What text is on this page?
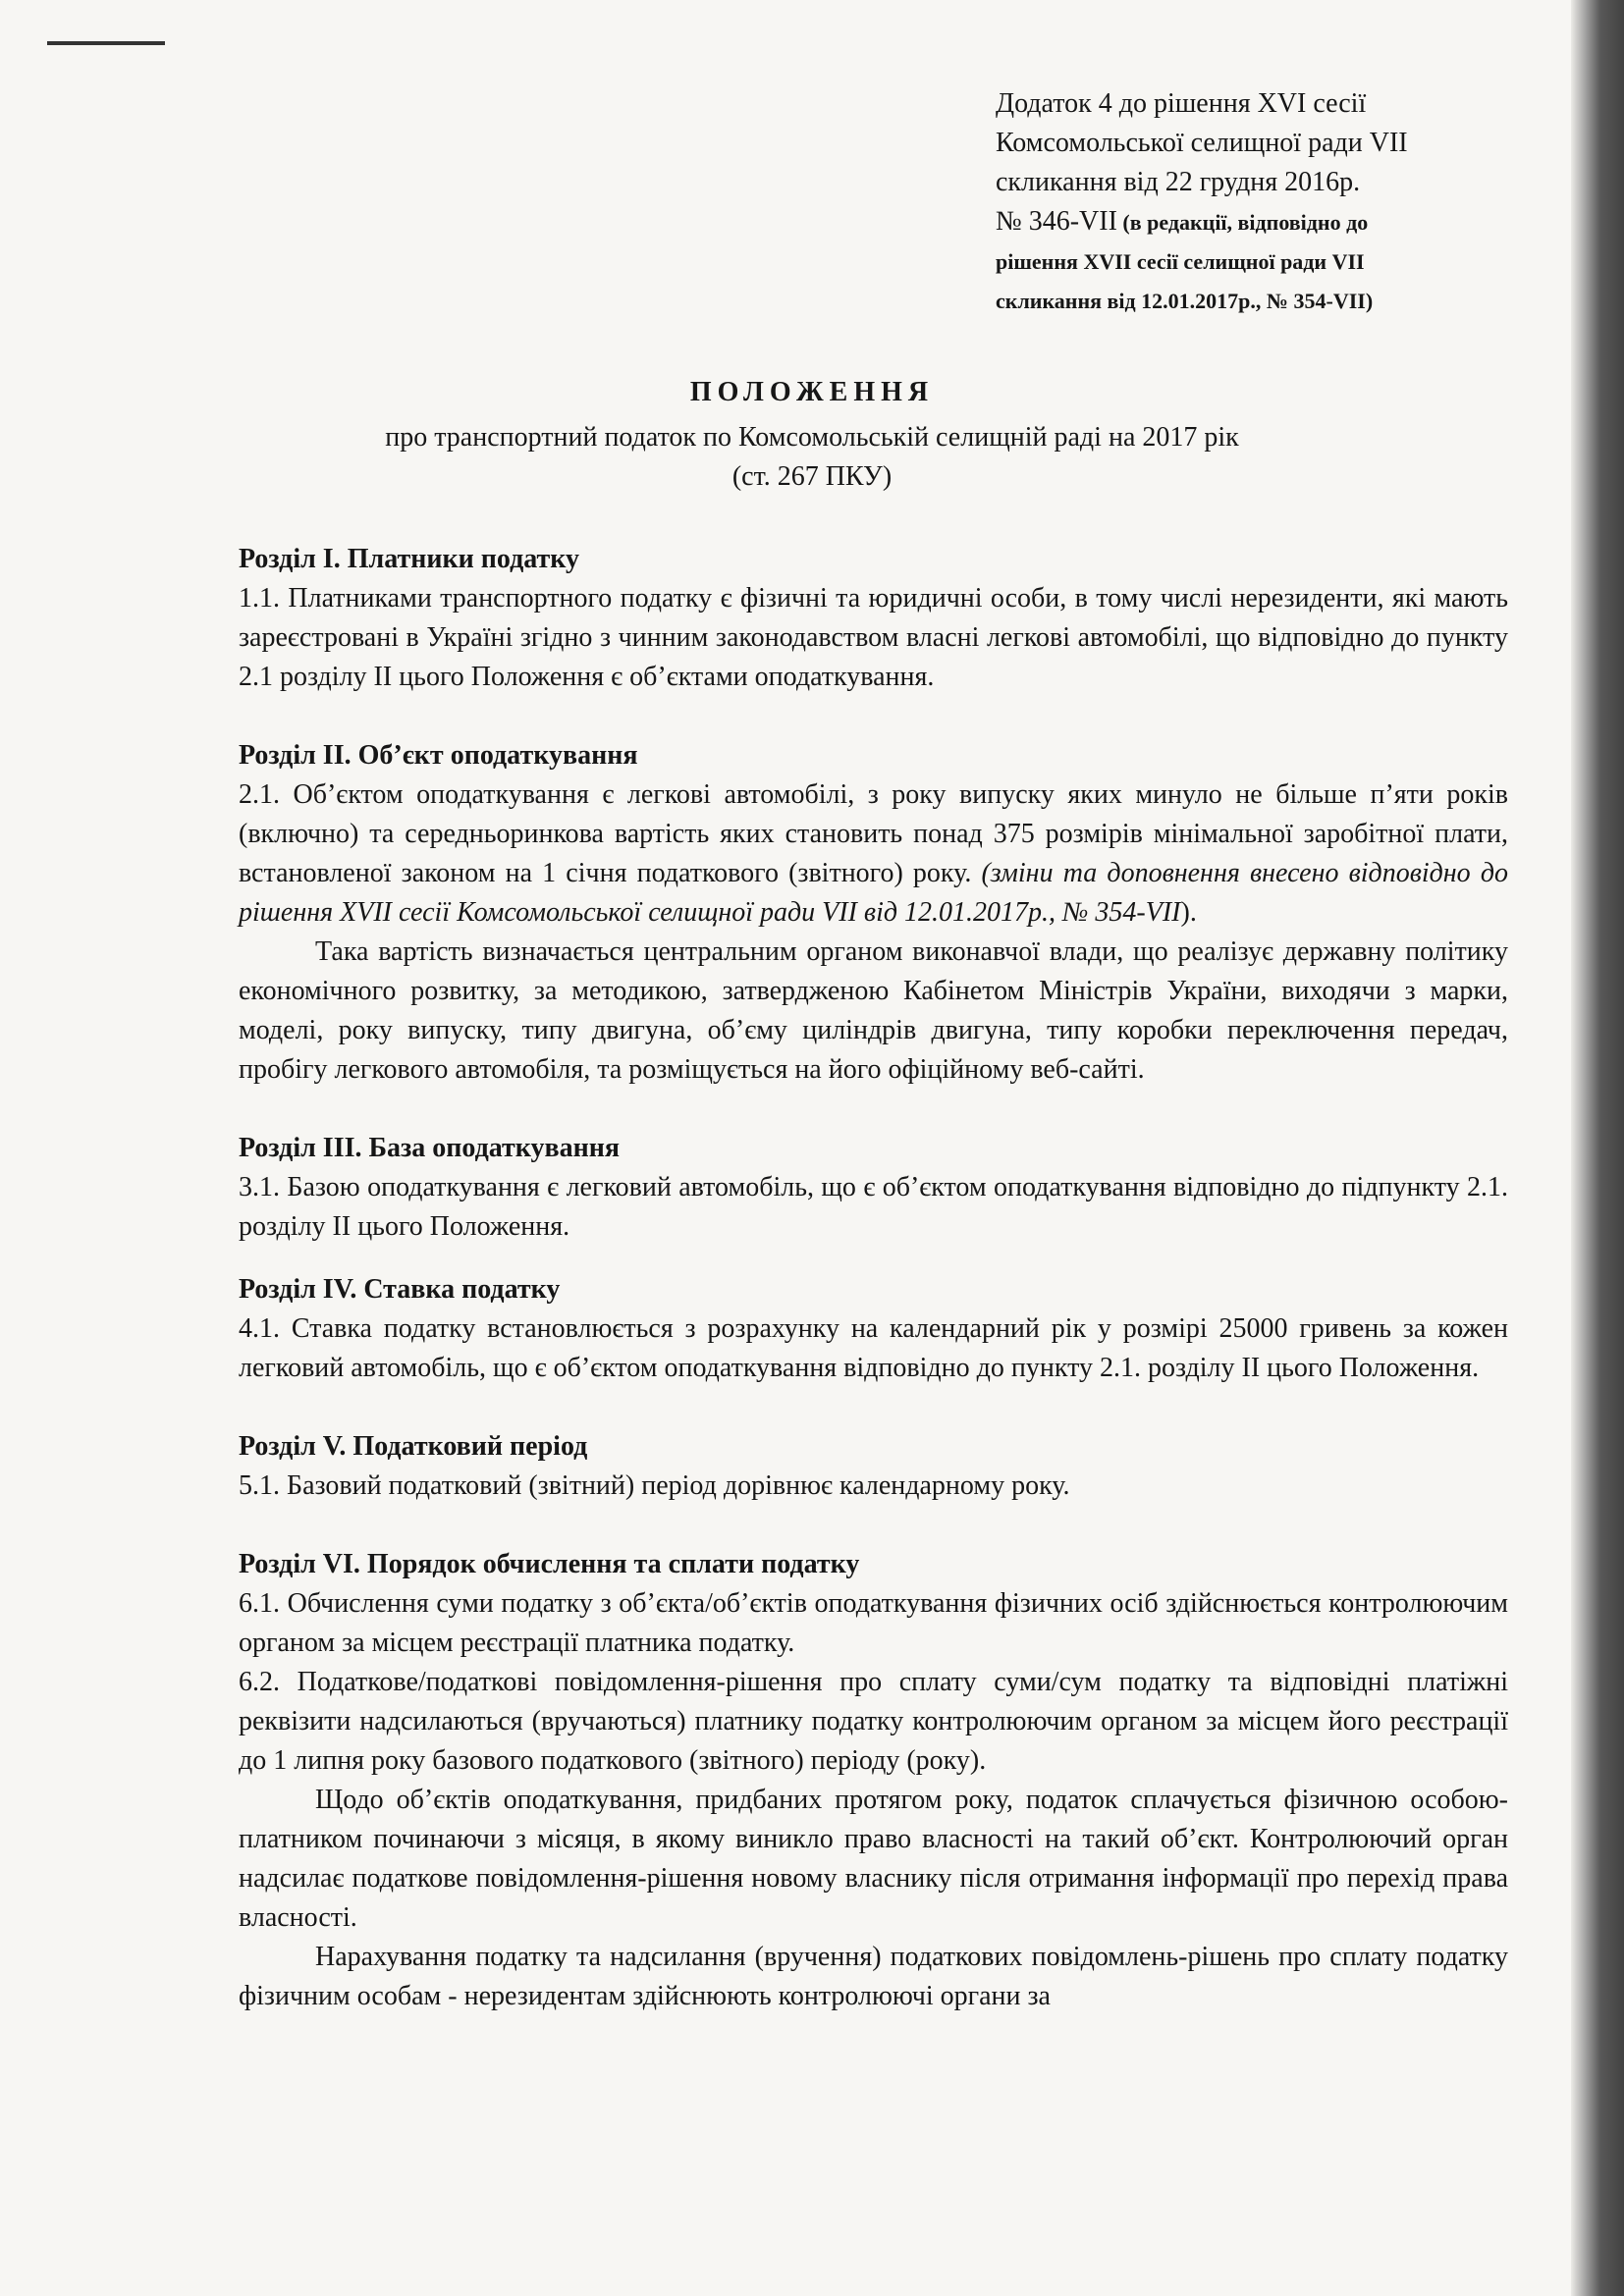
Додаток 4 до рішення XVI сесії
Комсомольської селищної ради VII
скликання від 22 грудня 2016р.
№ 346-VII (в редакції, відповідно до
рішення XVII сесії селищної ради VII
скликання від 12.01.2017р., № 354-VII)
ПОЛОЖЕННЯ
про транспортний податок по Комсомольській селищній раді на 2017 рік
(ст. 267 ПКУ)

Розділ І. Платники податку

1.1. Платниками транспортного податку є фізичні та юридичні особи, в тому числі нерезиденти, які мають зареєстровані в Україні згідно з чинним законодавством власні легкові автомобілі, що відповідно до пункту 2.1 розділу ІІ цього Положення є об’єктами оподаткування.

Розділ ІІ. Об’єкт оподаткування

2.1. Об’єктом оподаткування є легкові автомобілі, з року випуску яких минуло не більше п’яти років (включно) та середньоринкова вартість яких становить понад 375 розмірів мінімальної заробітної плати, встановленої законом на 1 січня податкового (звітного) року. (зміни та доповнення внесено відповідно до рішення XVII сесії Комсомольської селищної ради VII від 12.01.2017р., № 354-VII).

Така вартість визначається центральним органом виконавчої влади, що реалізує державну політику економічного розвитку, за методикою, затвердженою Кабінетом Міністрів України, виходячи з марки, моделі, року випуску, типу двигуна, об’єму циліндрів двигуна, типу коробки переключення передач, пробігу легкового автомобіля, та розміщується на його офіційному веб-сайті.

Розділ ІІІ. База оподаткування

3.1. Базою оподаткування є легковий автомобіль, що є об’єктом оподаткування відповідно до підпункту 2.1. розділу ІІ цього Положення.

Розділ IV. Ставка податку

4.1. Ставка податку встановлюється з розрахунку на календарний рік у розмірі 25000 гривень за кожен легковий автомобіль, що є об’єктом оподаткування відповідно до пункту 2.1. розділу ІІ цього Положення.

Розділ V. Податковий період

5.1. Базовий податковий (звітний) період дорівнює календарному року.

Розділ VI. Порядок обчислення та сплати податку

6.1. Обчислення суми податку з об’єкта/об’єктів оподаткування фізичних осіб здійснюється контролюючим органом за місцем реєстрації платника податку.

6.2. Податкове/податкові повідомлення-рішення про сплату суми/сум податку та відповідні платіжні реквізити надсилаються (вручаються) платнику податку контролюючим органом за місцем його реєстрації до 1 липня року базового податкового (звітного) періоду (року).

Щодо об’єктів оподаткування, придбаних протягом року, податок сплачується фізичною особою-платником починаючи з місяця, в якому виникло право власності на такий об’єкт. Контролюючий орган надсилає податкове повідомлення-рішення новому власнику після отримання інформації про перехід права власності.

Нарахування податку та надсилання (вручення) податкових повідомлень-рішень про сплату податку фізичним особам - нерезидентам здійснюють контролюючі органи за
